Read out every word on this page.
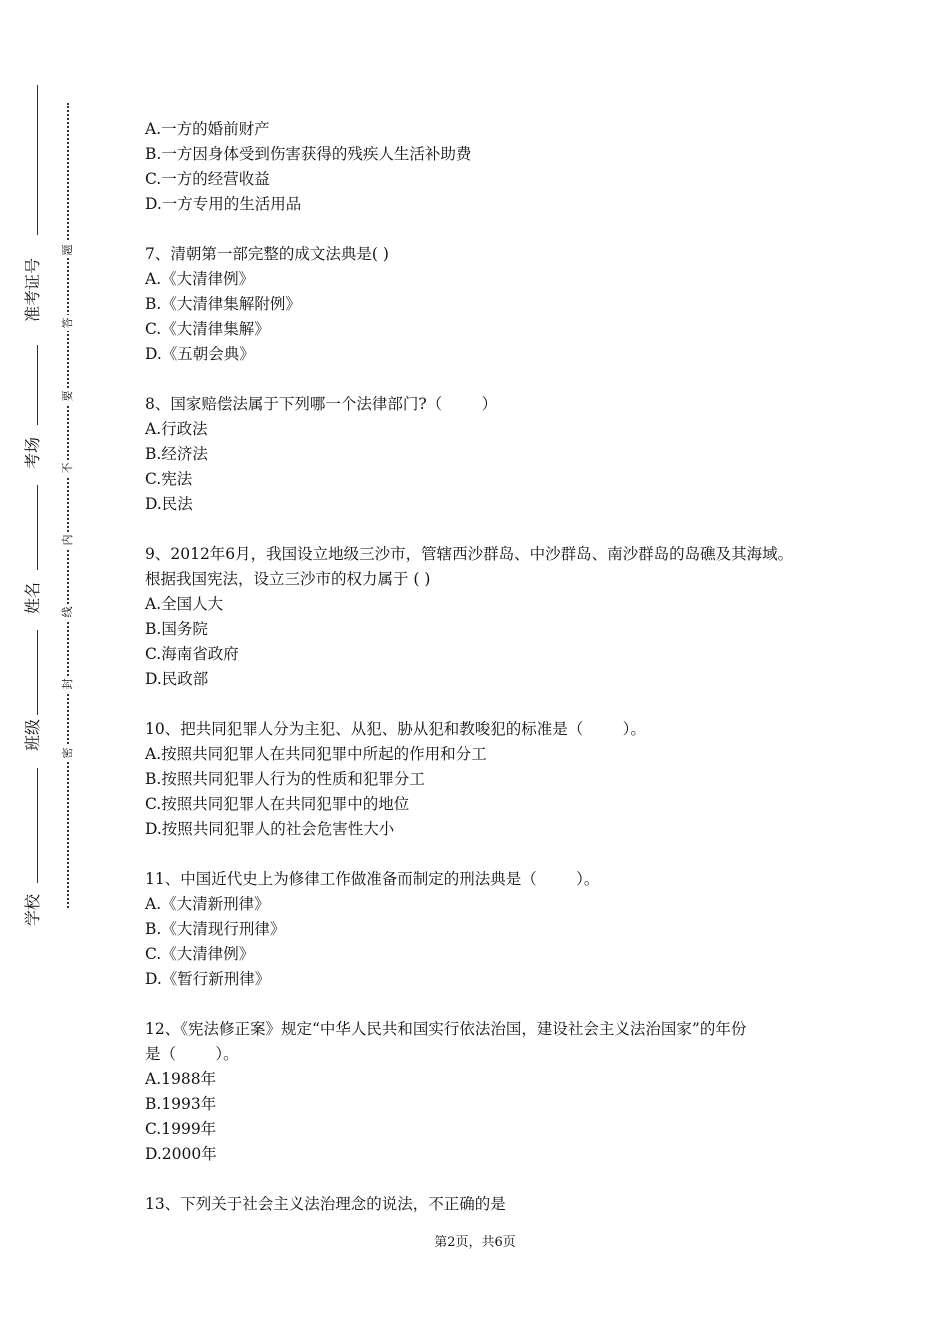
准考证号
考场
姓名
班级
学校
题
答
要
不
内
线
封
密

A.一方的婚前财产

B.一方因身体受到伤害获得的残疾人生活补助费

C.一方的经营收益

D.一方专用的生活用品

7、清朝第一部完整的成文法典是( )

A.《大清律例》

B.《大清律集解附例》

C.《大清律集解》

D.《五朝会典》

8、国家赔偿法属于下列哪一个法律部门?（        ）

A.行政法

B.经济法

C.宪法

D.民法

9、2012年6月，我国设立地级三沙市，管辖西沙群岛、中沙群岛、南沙群岛的岛礁及其海域。

根据我国宪法，设立三沙市的权力属于 ( )

A.全国人大

B.国务院

C.海南省政府

D.民政部

10、把共同犯罪人分为主犯、从犯、胁从犯和教唆犯的标准是（        ）。

A.按照共同犯罪人在共同犯罪中所起的作用和分工

B.按照共同犯罪人行为的性质和犯罪分工

C.按照共同犯罪人在共同犯罪中的地位

D.按照共同犯罪人的社会危害性大小

11、中国近代史上为修律工作做准备而制定的刑法典是（        ）。

A.《大清新刑律》

B.《大清现行刑律》

C.《大清律例》

D.《暂行新刑律》

12、《宪法修正案》规定“中华人民共和国实行依法治国，建设社会主义法治国家”的年份

是（        ）。

A.1988年

B.1993年

C.1999年

D.2000年

13、下列关于社会主义法治理念的说法，不正确的是

第2页，共6页
